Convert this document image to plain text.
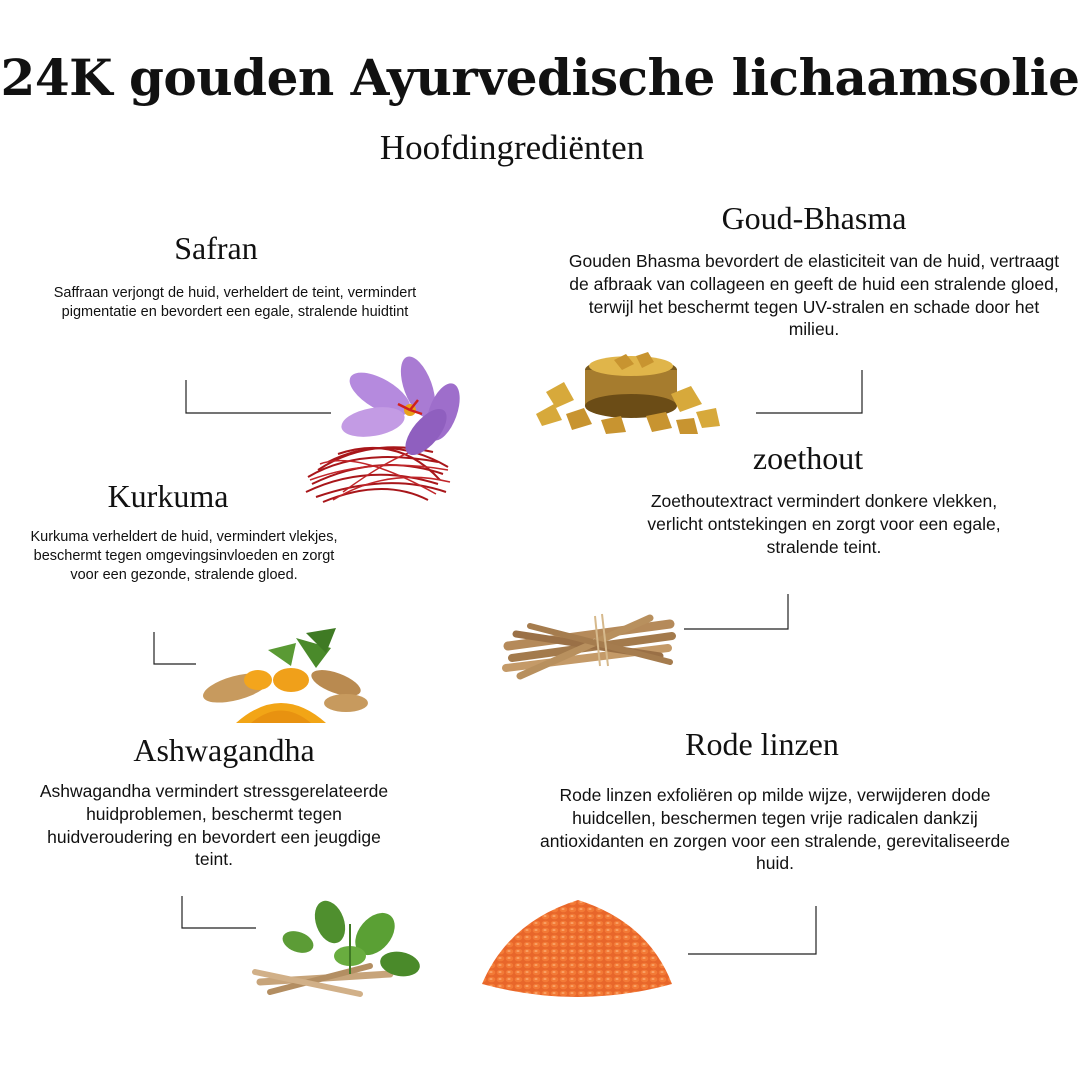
24K gouden Ayurvedische lichaamsolie
Hoofdingrediënten
Safran
Saffraan verjongt de huid, verheldert de teint, vermindert pigmentatie en bevordert een egale, stralende huidtint
Goud-Bhasma
Gouden Bhasma bevordert de elasticiteit van de huid, vertraagt de afbraak van collageen en geeft de huid een stralende gloed, terwijl het beschermt tegen UV-stralen en schade door het milieu.
Kurkuma
Kurkuma verheldert de huid, vermindert vlekjes, beschermt tegen omgevingsinvloeden en zorgt voor een gezonde, stralende gloed.
zoethout
Zoethoutextract vermindert donkere vlekken, verlicht ontstekingen en zorgt voor een egale, stralende teint.
Ashwagandha
Ashwagandha vermindert stressgerelateerde huidproblemen, beschermt tegen huidveroudering en bevordert een jeugdige teint.
Rode linzen
Rode linzen exfoliëren op milde wijze, verwijderen dode huidcellen, beschermen tegen vrije radicalen dankzij antioxidanten en zorgen voor een stralende, gerevitaliseerde huid.
